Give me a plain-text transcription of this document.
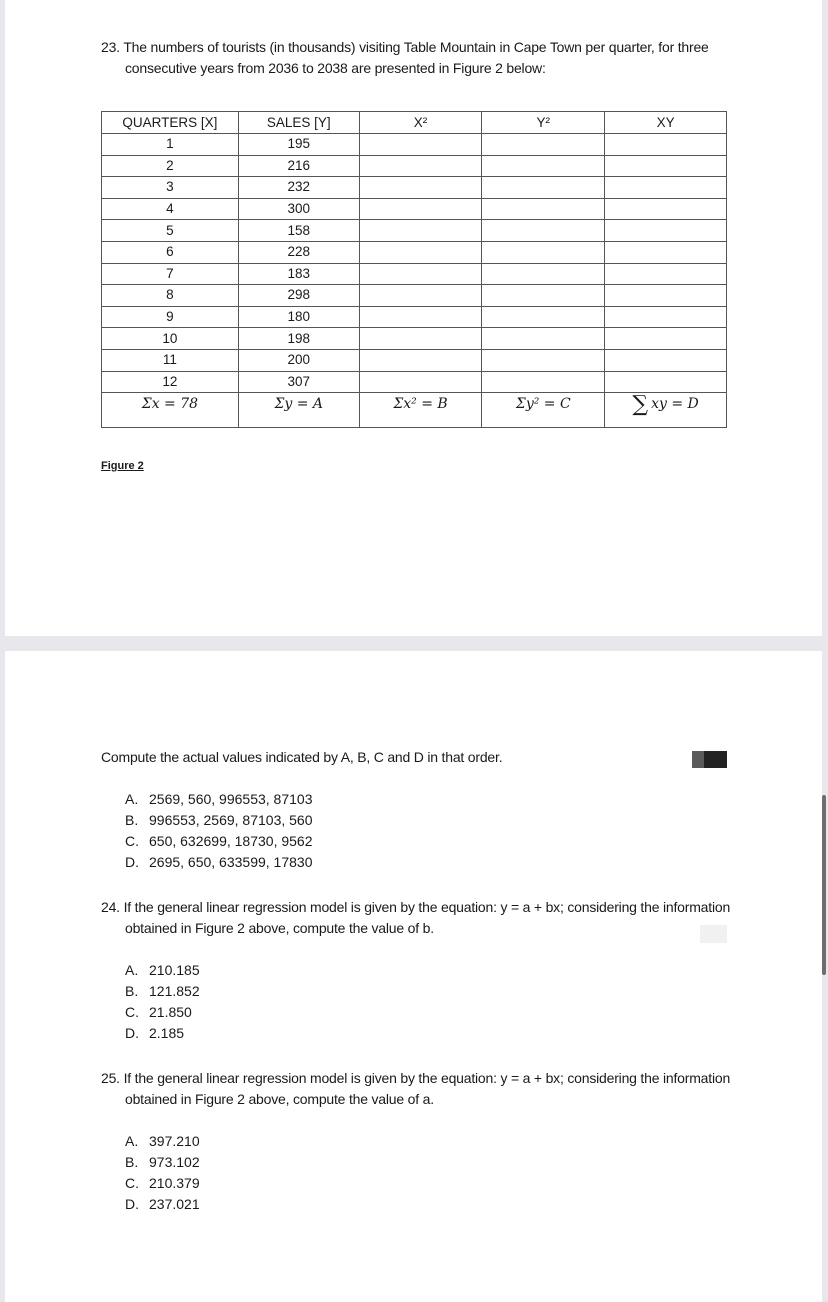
23. The numbers of tourists (in thousands) visiting Table Mountain in Cape Town per quarter, for three
consecutive years from 2036 to 2038 are presented in Figure 2 below:
QUARTERS [X]	SALES [Y]	X²	Y²	XY
1	195			
2	216			
3	232			
4	300			
5	158			
6	228			
7	183			
8	298			
9	180			
10	198			
11	200			
12	307			
Σx = 78	Σy = A	Σx² = B	Σy² = C	∑ xy = D
Figure 2
Compute the actual values indicated by A, B, C and D in that order.
A. 2569, 560, 996553, 87103
B. 996553, 2569, 87103, 560
C. 650, 632699, 18730, 9562
D. 2695, 650, 633599, 17830
24. If the general linear regression model is given by the equation: y = a + bx; considering the information
obtained in Figure 2 above, compute the value of b.
A. 210.185
B. 121.852
C. 21.850
D. 2.185
25. If the general linear regression model is given by the equation: y = a + bx; considering the information
obtained in Figure 2 above, compute the value of a.
A. 397.210
B. 973.102
C. 210.379
D. 237.021
